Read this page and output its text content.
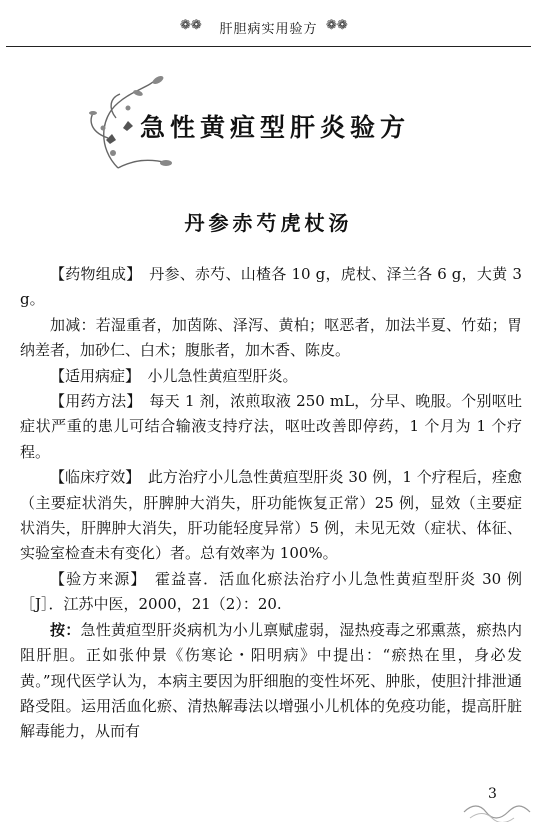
❁❁	肝胆病实用验方 ❁❁
急性黄疸型肝炎验方
丹参赤芍虎杖汤

【药物组成】　 丹参、赤芍、山楂各 10 g，虎杖、泽兰各 6 g，大黄 3 g。

加减：若湿重者，加茵陈、泽泻、黄柏；呕恶者，加法半夏、竹茹；胃纳差者，加砂仁、白术；腹胀者，加木香、陈皮。

【适用病症】　 小儿急性黄疸型肝炎。

【用药方法】　 每天 1 剂，浓煎取液 250 mL，分早、晚服。个别呕吐症状严重的患儿可结合输液支持疗法，呕吐改善即停药，1 个月为 1 个疗程。

【临床疗效】　 此方治疗小儿急性黄疸型肝炎 30 例，1 个疗程后，痊愈（主要症状消失，肝脾肿大消失，肝功能恢复正常）25 例，显效（主要症状消失，肝脾肿大消失，肝功能轻度异常）5 例，未见无效（症状、体征、实验室检查未有变化）者。总有效率为 100%。

【验方来源】　 霍益喜．活血化瘀法治疗小儿急性黄疸型肝炎 30 例［J］．江苏中医，2000，21（2）：20.

按：急性黄疸型肝炎病机为小儿禀赋虚弱，湿热疫毒之邪熏蒸，瘀热内阻肝胆。正如张仲景《伤寒论・阳明病》中提出：“瘀热在里，身必发黄。”现代医学认为，本病主要因为肝细胞的变性坏死、肿胀，使胆汁排泄通路受阻。运用活血化瘀、清热解毒法以增强小儿机体的免疫功能，提高肝脏解毒能力，从而有

3
